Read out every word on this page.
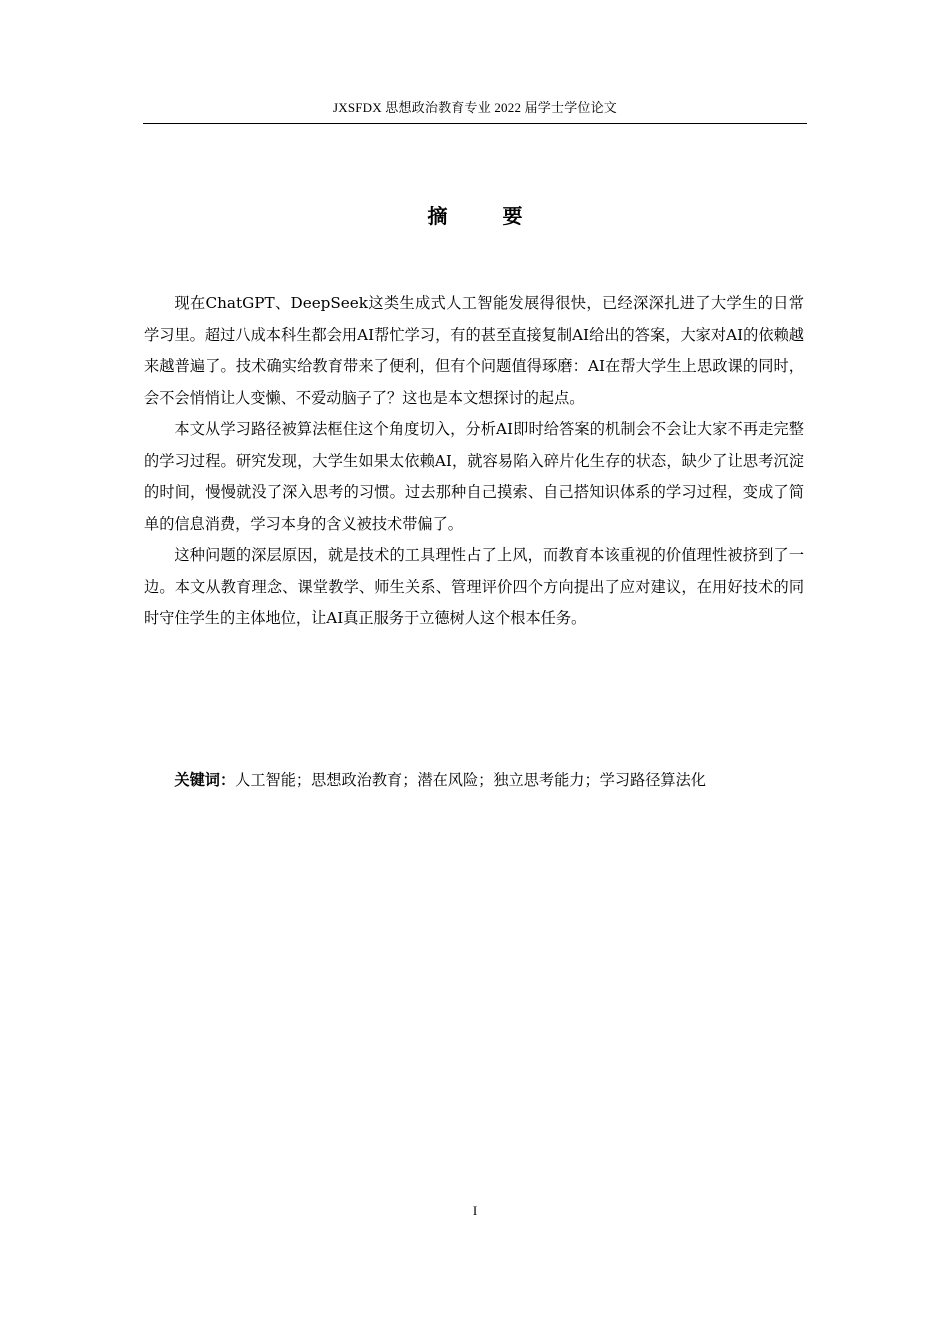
JXSFDX 思想政治教育专业 2022 届学士学位论文
摘 要

现在ChatGPT、DeepSeek这类生成式人工智能发展得很快，已经深深扎进了大学生的日常学习里。超过八成本科生都会用AI帮忙学习，有的甚至直接复制AI给出的答案，大家对AI的依赖越来越普遍了。技术确实给教育带来了便利，但有个问题值得琢磨：AI在帮大学生上思政课的同时，会不会悄悄让人变懒、不爱动脑子了？这也是本文想探讨的起点。

本文从学习路径被算法框住这个角度切入，分析AI即时给答案的机制会不会让大家不再走完整的学习过程。研究发现，大学生如果太依赖AI，就容易陷入碎片化生存的状态，缺少了让思考沉淀的时间，慢慢就没了深入思考的习惯。过去那种自己摸索、自己搭知识体系的学习过程，变成了简单的信息消费，学习本身的含义被技术带偏了。

这种问题的深层原因，就是技术的工具理性占了上风，而教育本该重视的价值理性被挤到了一边。本文从教育理念、课堂教学、师生关系、管理评价四个方向提出了应对建议，在用好技术的同时守住学生的主体地位，让AI真正服务于立德树人这个根本任务。

关键词：人工智能；思想政治教育；潜在风险；独立思考能力；学习路径算法化
I
